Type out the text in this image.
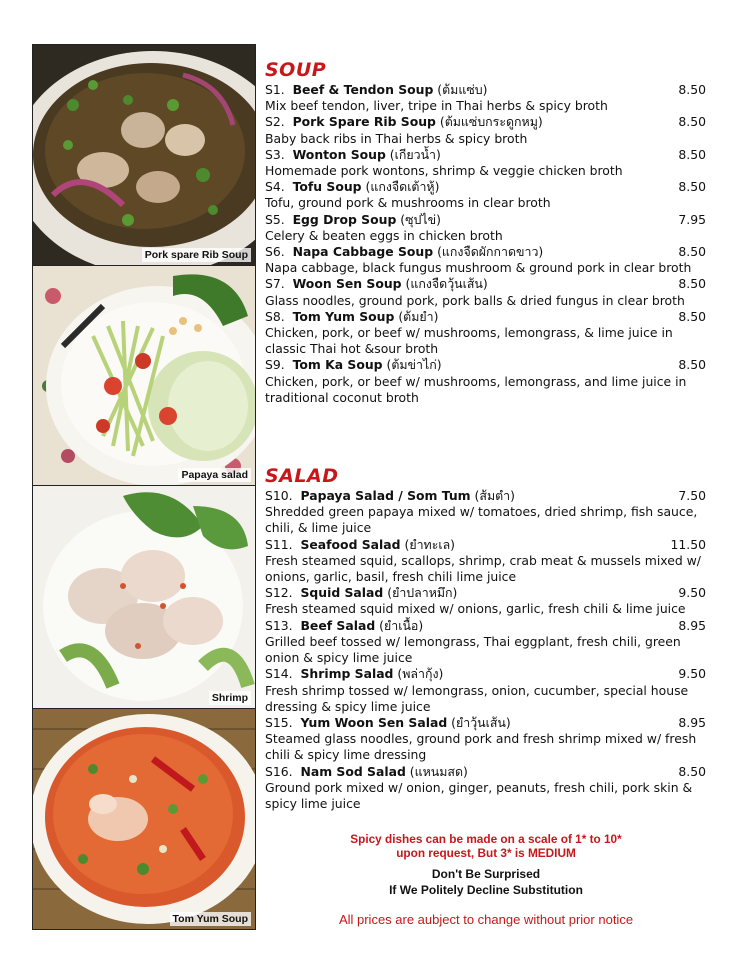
Pork spare Rib Soup
Papaya salad
Shrimp
Tom Yum Soup
SOUP
S1. Beef & Tendon Soup (ต้มแซ่บ)	8.50
Mix beef tendon, liver, tripe in Thai herbs & spicy broth
S2. Pork Spare Rib Soup (ต้มแซ่บกระดูกหมู)	8.50
Baby back ribs in Thai herbs & spicy broth
S3. Wonton Soup (เกียวน้ำ)	8.50
Homemade pork wontons, shrimp & veggie chicken broth
S4. Tofu Soup (แกงจืดเต้าหู้)	8.50
Tofu, ground pork & mushrooms in clear broth
S5. Egg Drop Soup (ซุปไข่)	7.95
Celery & beaten eggs in chicken broth
S6. Napa Cabbage Soup (แกงจืดผักกาดขาว)	8.50
Napa cabbage, black fungus mushroom & ground pork in clear broth
S7. Woon Sen Soup (แกงจืดวุ้นเส้น)	8.50
Glass noodles, ground pork, pork balls & dried fungus in clear broth
S8. Tom Yum Soup (ต้มยำ)	8.50
Chicken, pork, or beef w/ mushrooms, lemongrass, & lime juice in classic Thai hot &sour broth
S9. Tom Ka Soup (ต้มข่าไก่)	8.50
Chicken, pork, or beef w/ mushrooms, lemongrass, and lime juice in traditional coconut broth
SALAD
S10. Papaya Salad / Som Tum (ส้มตำ)	7.50
Shredded green papaya mixed w/ tomatoes, dried shrimp, fish sauce, chili, & lime juice
S11. Seafood Salad (ยำทะเล)	11.50
Fresh steamed squid, scallops, shrimp, crab meat & mussels mixed w/ onions, garlic, basil, fresh chili lime juice
S12. Squid Salad (ยำปลาหมึก)	9.50
Fresh steamed squid mixed w/ onions, garlic, fresh chili & lime juice
S13. Beef Salad (ยำเนื้อ)	8.95
Grilled beef tossed w/ lemongrass, Thai eggplant, fresh chili, green onion & spicy lime juice
S14. Shrimp Salad (พล่ากุ้ง)	9.50
Fresh shrimp tossed w/ lemongrass, onion, cucumber, special house dressing & spicy lime juice
S15. Yum Woon Sen Salad (ยำวุ้นเส้น)	8.95
Steamed glass noodles, ground pork and fresh shrimp mixed w/ fresh chili & spicy lime dressing
S16. Nam Sod Salad (แหนมสด)	8.50
Ground pork mixed w/ onion, ginger, peanuts, fresh chili, pork skin & spicy lime juice
Spicy dishes can be made on a scale of 1* to 10*
upon request, But 3* is MEDIUM
Don't Be Surprised
If We Politely Decline Substitution
All prices are aubject to change without prior notice
